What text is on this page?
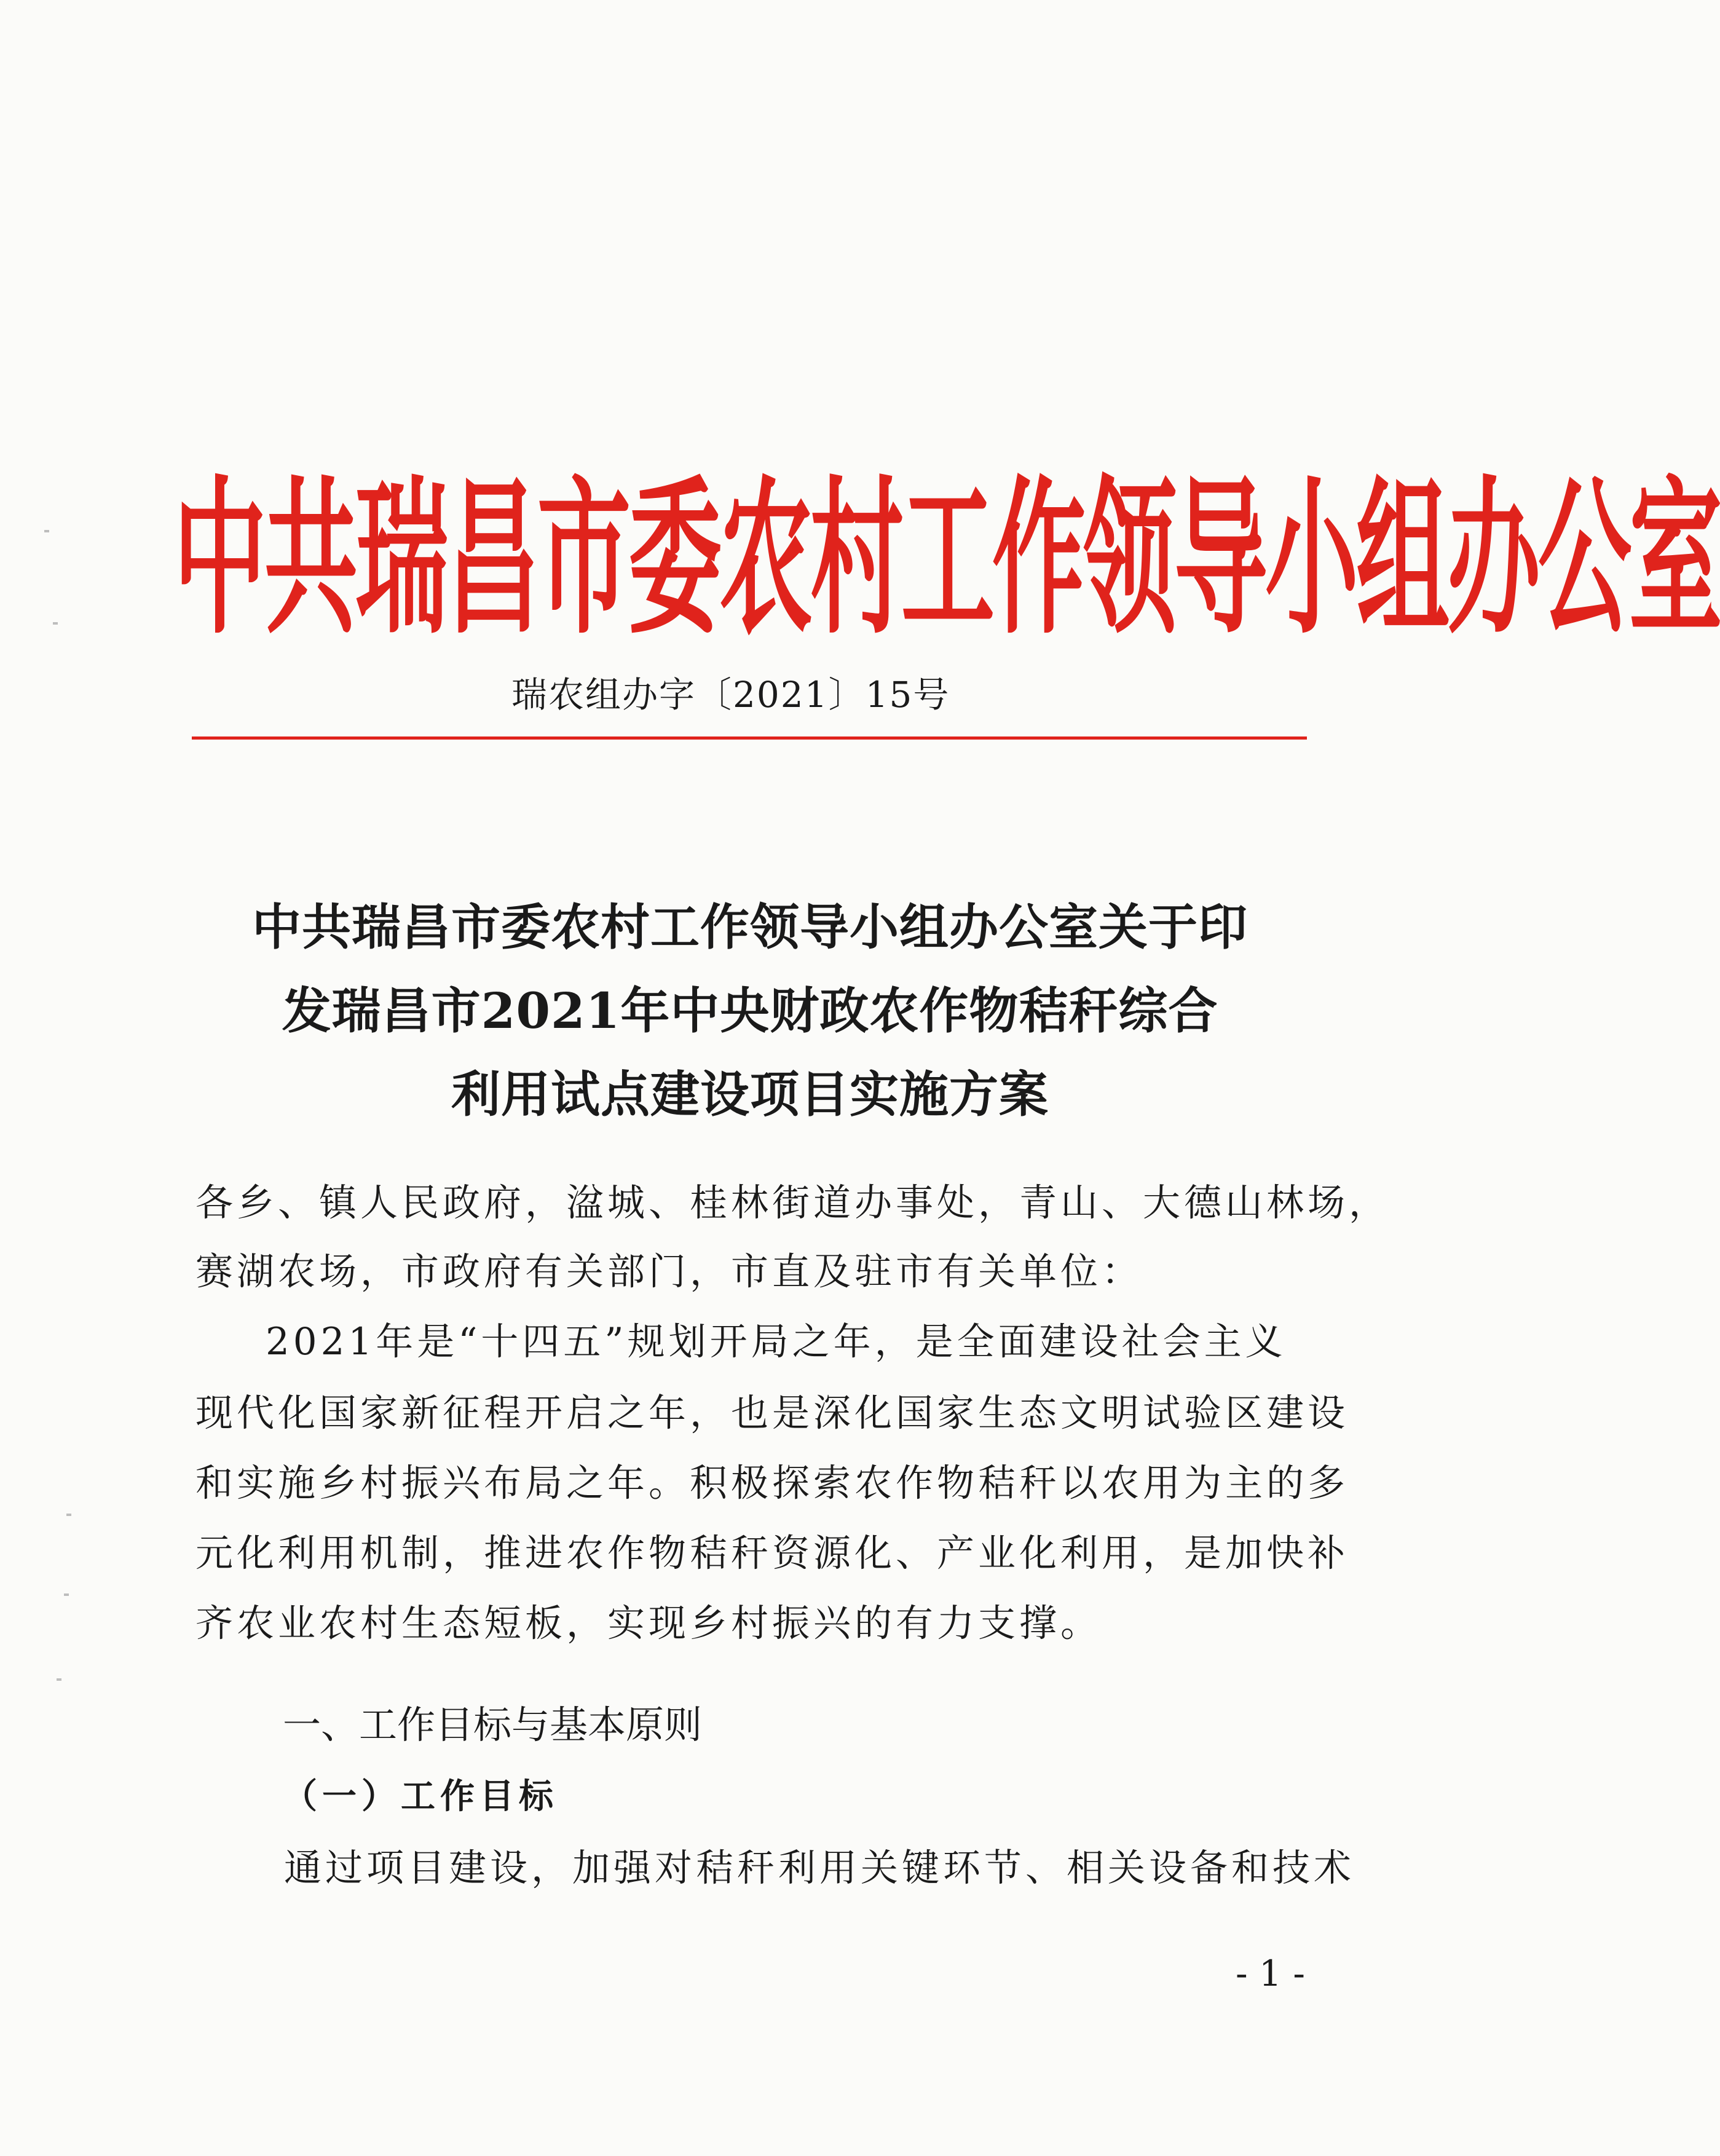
中共瑞昌市委农村工作领导小组办公室
瑞农组办字〔2021〕15号
中共瑞昌市委农村工作领导小组办公室关于印
发瑞昌市2021年中央财政农作物秸秆综合
利用试点建设项目实施方案
各乡、镇人民政府，湓城、桂林街道办事处，青山、大德山林场，
赛湖农场，市政府有关部门，市直及驻市有关单位：
2021年是“十四五”规划开局之年，是全面建设社会主义
现代化国家新征程开启之年，也是深化国家生态文明试验区建设
和实施乡村振兴布局之年。积极探索农作物秸秆以农用为主的多
元化利用机制，推进农作物秸秆资源化、产业化利用，是加快补
齐农业农村生态短板，实现乡村振兴的有力支撑。
一、工作目标与基本原则
（一）工作目标
通过项目建设，加强对秸秆利用关键环节、相关设备和技术
- 1 -
